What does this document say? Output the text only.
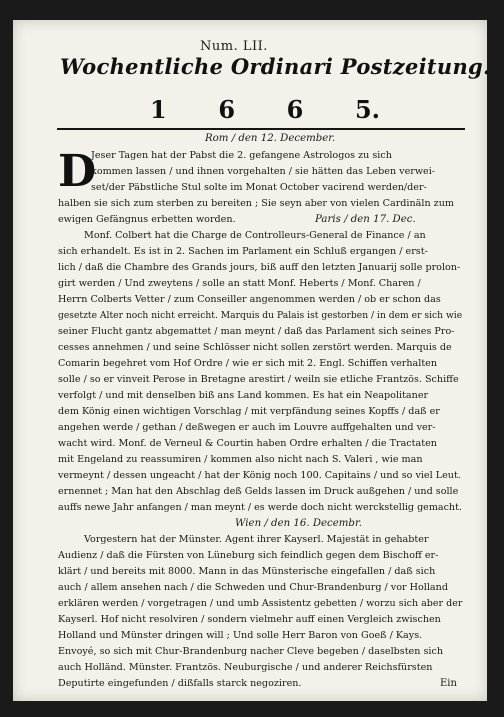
Num. LII.
Wochentliche Ordinari Postzeitung.
1 6 6 5.
Rom / den 12. December.
D
Jeser Tagen hat der Pabst die 2. gefangene Astrologos zu sich
kommen lassen / und ihnen vorgehalten / sie hätten das Leben verwei-
set/der Päbstliche Stul solte im Monat October vacirend werden/der-
halben sie sich zum sterben zu bereiten ; Sie seyn aber von vielen Cardinäln zum
ewigen Gefängnus erbetten worden.	Paris / den 17. Dec.
Monf. Colbert hat die Charge de Controlleurs-General de Finance / an
sich erhandelt. Es ist in 2. Sachen im Parlament ein Schluß ergangen / erst-
lich / daß die Chambre des Grands jours, biß auff den letzten Januarij solle prolon-
girt werden / Und zweytens / solle an statt Monf. Heberts / Monf. Charen /
Herrn Colberts Vetter / zum Conseiller angenommen werden / ob er schon das
gesetzte Alter noch nicht erreicht. Marquis du Palais ist gestorben / in dem er sich wie
seiner Flucht gantz abgemattet / man meynt / daß das Parlament sich seines Pro-
cesses annehmen / und seine Schlösser nicht sollen zerstört werden. Marquis de
Comarin begehret vom Hof Ordre / wie er sich mit 2. Engl. Schiffen verhalten
solle / so er vinveit Perose in Bretagne arestirt / weiln sie etliche Frantzös. Schiffe
verfolgt / und mit denselben biß ans Land kommen. Es hat ein Neapolitaner
dem König einen wichtigen Vorschlag / mit verpfändung seines Kopffs / daß er
angehen werde / gethan / deßwegen er auch im Louvre auffgehalten und ver-
wacht wird. Monf. de Verneul & Courtin haben Ordre erhalten / die Tractaten
mit Engeland zu reassumiren / kommen also nicht nach S. Valeri , wie man
vermeynt / dessen ungeacht / hat der König noch 100. Capitains / und so viel Leut.
ernennet ; Man hat den Abschlag deß Gelds lassen im Druck außgehen / und solle
auffs newe Jahr anfangen / man meynt / es werde doch nicht werckstellig gemacht.
Wien / den 16. Decembr.
Vorgestern hat der Münster. Agent ihrer Kayserl. Majestät in gehabter
Audienz / daß die Fürsten von Lüneburg sich feindlich gegen dem Bischoff er-
klärt / und bereits mit 8000. Mann in das Münsterische eingefallen / daß sich
auch / allem ansehen nach / die Schweden und Chur-Brandenburg / vor Holland
erklären werden / vorgetragen / und umb Assistentz gebetten / worzu sich aber der
Kayserl. Hof nicht resolviren / sondern vielmehr auff einen Vergleich zwischen
Holland und Münster dringen will ; Und solle Herr Baron von Goeß / Kays.
Envoyé, so sich mit Chur-Brandenburg nacher Cleve begeben / daselbsten sich
auch Holländ. Münster. Frantzös. Neuburgische / und anderer Reichsfürsten
Deputirte eingefunden / dißfalls starck negoziren.	Ein
